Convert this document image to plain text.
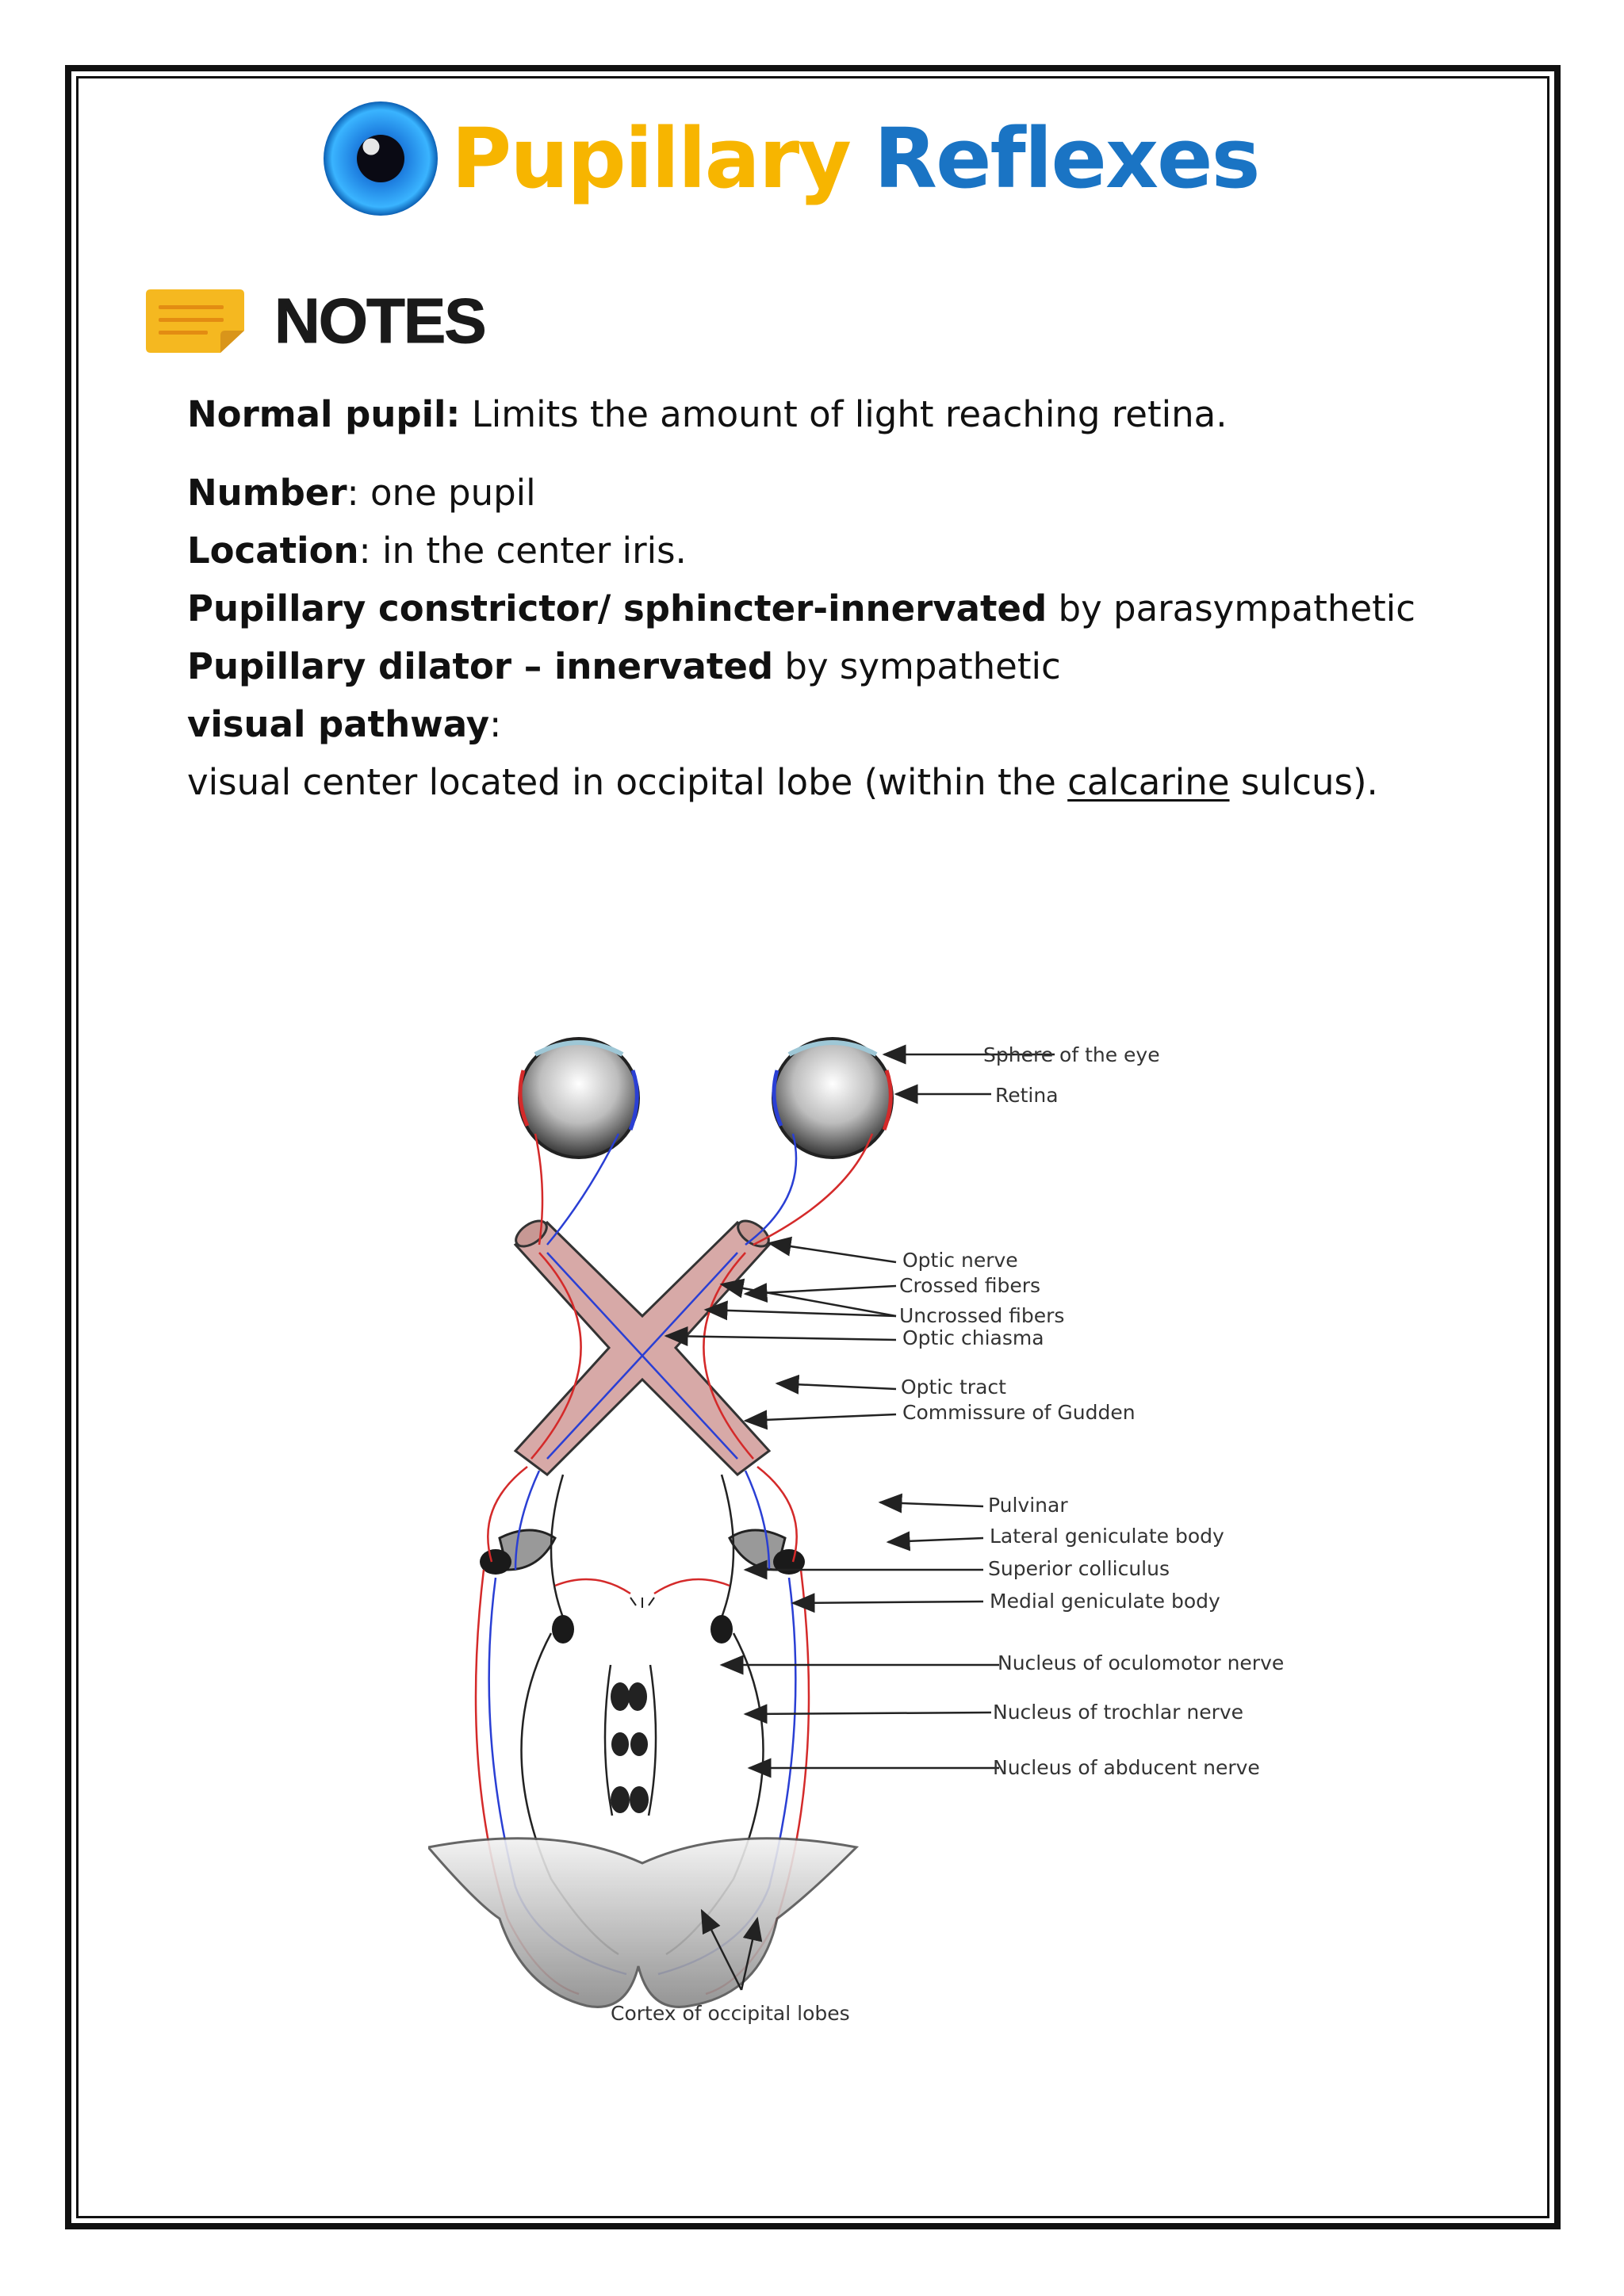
Pupillary Reflexes
NOTES

Normal pupil: Limits the amount of light reaching retina.

Number: one pupil

Location: in the center iris.

Pupillary constrictor/ sphincter-innervated by parasympathetic

Pupillary dilator – innervated by sympathetic

visual pathway:

visual center located in occipital lobe (within the calcarine sulcus).

Sphere of the eye
Retina
Optic nerve
Crossed fibers
Uncrossed fibers
Optic chiasma
Optic tract
Commissure of Gudden
Pulvinar
Lateral geniculate body
Superior colliculus
Medial geniculate body
Nucleus of oculomotor nerve
Nucleus of trochlar nerve
Nucleus of abducent nerve
Cortex of occipital lobes
